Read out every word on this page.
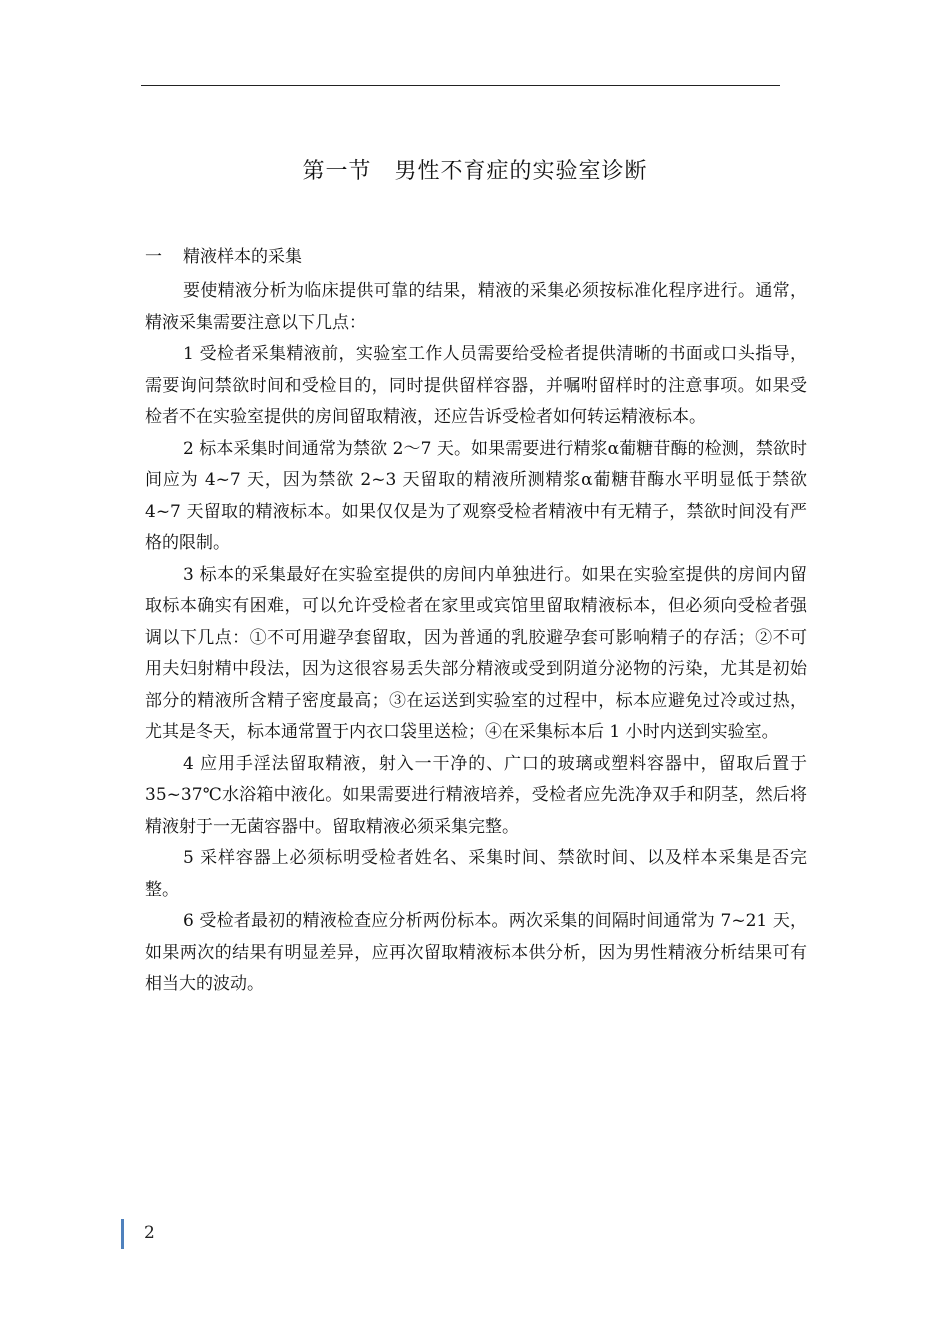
第一节　男性不育症的实验室诊断
一 精液样本的采集

要使精液分析为临床提供可靠的结果，精液的采集必须按标准化程序进行。通常，精液采集需要注意以下几点：

1 受检者采集精液前，实验室工作人员需要给受检者提供清晰的书面或口头指导，需要询问禁欲时间和受检目的，同时提供留样容器，并嘱咐留样时的注意事项。如果受检者不在实验室提供的房间留取精液，还应告诉受检者如何转运精液标本。

2 标本采集时间通常为禁欲 2～7 天。如果需要进行精浆α葡糖苷酶的检测，禁欲时间应为 4~7 天，因为禁欲 2~3 天留取的精液所测精浆α葡糖苷酶水平明显低于禁欲 4~7 天留取的精液标本。如果仅仅是为了观察受检者精液中有无精子，禁欲时间没有严格的限制。

3 标本的采集最好在实验室提供的房间内单独进行。如果在实验室提供的房间内留取标本确实有困难，可以允许受检者在家里或宾馆里留取精液标本，但必须向受检者强调以下几点：①不可用避孕套留取，因为普通的乳胶避孕套可影响精子的存活；②不可用夫妇射精中段法，因为这很容易丢失部分精液或受到阴道分泌物的污染，尤其是初始部分的精液所含精子密度最高；③在运送到实验室的过程中，标本应避免过冷或过热，尤其是冬天，标本通常置于内衣口袋里送检；④在采集标本后 1 小时内送到实验室。

4 应用手淫法留取精液，射入一干净的、广口的玻璃或塑料容器中，留取后置于 35~37℃水浴箱中液化。如果需要进行精液培养，受检者应先洗净双手和阴茎，然后将精液射于一无菌容器中。留取精液必须采集完整。

5 采样容器上必须标明受检者姓名、采集时间、禁欲时间、以及样本采集是否完整。

6 受检者最初的精液检查应分析两份标本。两次采集的间隔时间通常为 7~21 天，如果两次的结果有明显差异，应再次留取精液标本供分析，因为男性精液分析结果可有相当大的波动。

2
